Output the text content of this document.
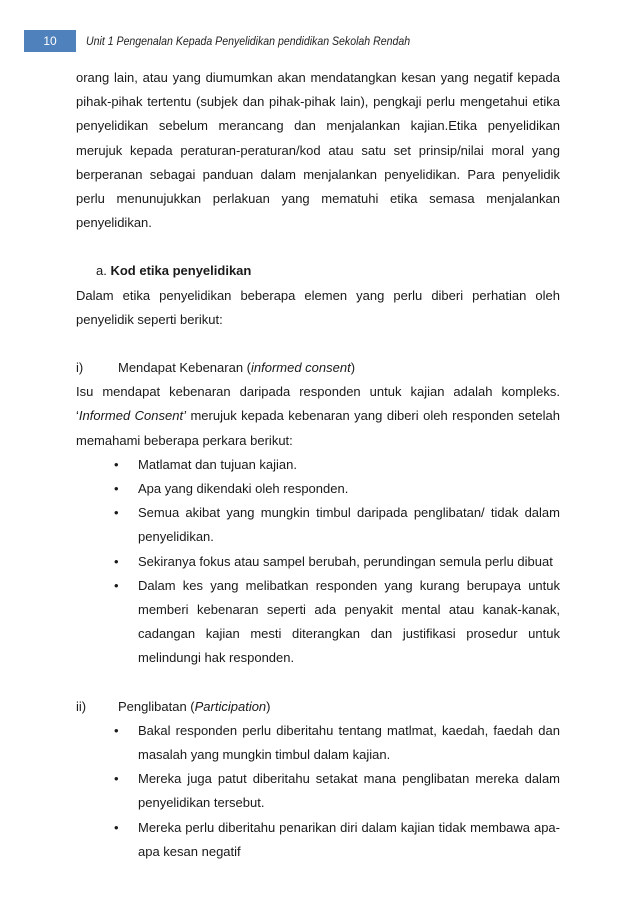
10	Unit 1 Pengenalan Kepada Penyelidikan pendidikan Sekolah Rendah

orang lain, atau yang diumumkan akan mendatangkan kesan yang negatif kepada pihak-pihak tertentu (subjek dan pihak-pihak lain), pengkaji perlu mengetahui etika penyelidikan sebelum merancang dan menjalankan kajian.Etika penyelidikan merujuk kepada peraturan-peraturan/kod atau satu set prinsip/nilai moral yang berperanan sebagai panduan dalam menjalankan penyelidikan. Para penyelidik perlu menunujukkan perlakuan yang mematuhi etika semasa menjalankan penyelidikan.

a. Kod etika penyelidikan

Dalam etika penyelidikan beberapa elemen yang perlu diberi perhatian oleh penyelidik seperti berikut:

i)	Mendapat Kebenaran (informed consent)

Isu mendapat kebenaran daripada responden untuk kajian adalah kompleks. ‘Informed Consent’ merujuk kepada kebenaran yang diberi oleh responden setelah memahami beberapa perkara berikut:

• Matlamat dan tujuan kajian.
• Apa yang dikendaki oleh responden.
• Semua akibat yang mungkin timbul daripada penglibatan/ tidak dalam penyelidikan.
• Sekiranya fokus atau sampel berubah, perundingan semula perlu dibuat
• Dalam kes yang melibatkan responden yang kurang berupaya untuk memberi kebenaran seperti ada penyakit mental atau kanak-kanak, cadangan kajian mesti diterangkan dan justifikasi prosedur untuk melindungi hak responden.

ii)	Penglibatan (Participation)

• Bakal responden perlu diberitahu tentang matlmat, kaedah, faedah dan masalah yang mungkin timbul dalam kajian.
• Mereka juga patut diberitahu setakat mana penglibatan mereka dalam penyelidikan tersebut.
• Mereka perlu diberitahu penarikan diri dalam kajian tidak membawa apa-apa kesan negatif
